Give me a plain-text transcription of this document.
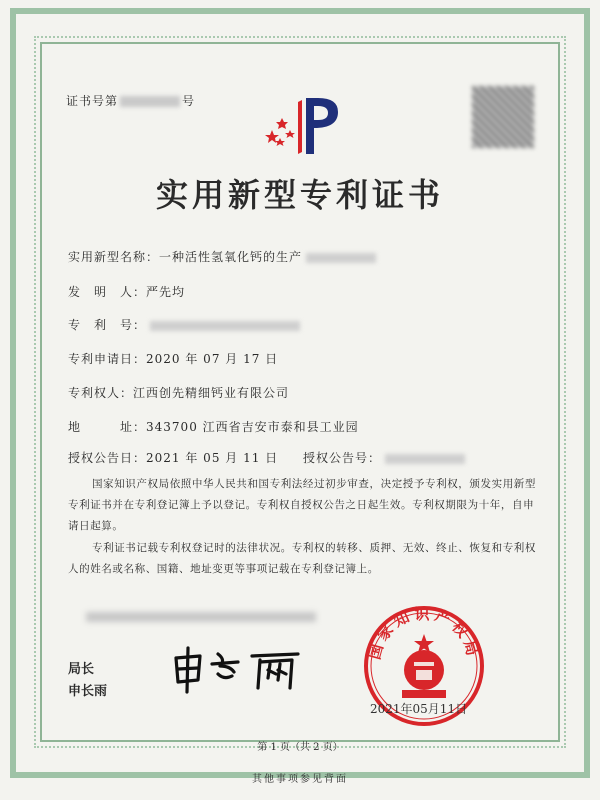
证书号第	号
实用新型专利证书
实用新型名称：一种活性氢氧化钙的生产
发　明　人：严先均
专　利　号：
专利申请日：2020 年 07 月 17 日
专利权人：江西创先精细钙业有限公司
地　　　址：343700 江西省吉安市泰和县工业园
授权公告日：2021 年 05 月 11 日 授权公告号：

国家知识产权局依照中华人民共和国专利法经过初步审查，决定授予专利权，颁发实用新型专利证书并在专利登记簿上予以登记。专利权自授权公告之日起生效。专利权期限为十年，自申请日起算。

专利证书记载专利权登记时的法律状况。专利权的转移、质押、无效、终止、恢复和专利权人的姓名或名称、国籍、地址变更等事项记载在专利登记簿上。

局长
申长雨
国家知识产权局
2021年05月11日
第 1 页（共 2 页）
其他事项参见背面
